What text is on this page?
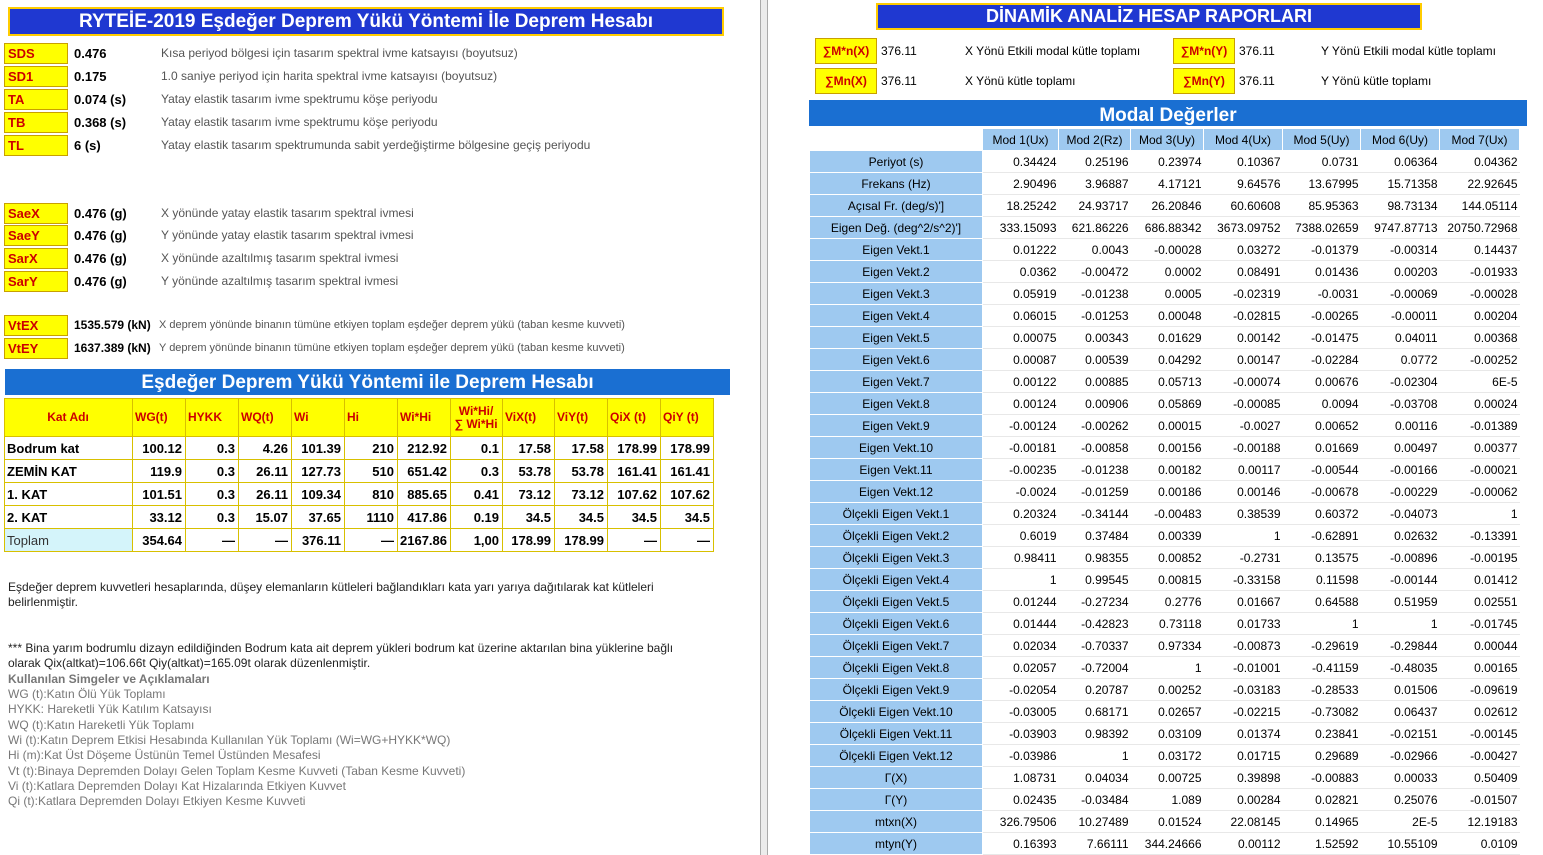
RYTEİE-2019 Eşdeğer Deprem Yükü Yöntemi İle Deprem Hesabı
SDS	0.476	Kısa periyod bölgesi için tasarım spektral ivme katsayısı (boyutsuz)
SD1	0.175	1.0 saniye periyod için harita spektral ivme katsayısı (boyutsuz)
TA	0.074 (s)	Yatay elastik tasarım ivme spektrumu köşe periyodu
TB	0.368 (s)	Yatay elastik tasarım ivme spektrumu köşe periyodu
TL	6 (s)	Yatay elastik tasarım spektrumunda sabit yerdeğiştirme bölgesine geçiş periyodu
SaeX	0.476 (g)	X yönünde yatay elastik tasarım spektral ivmesi
SaeY	0.476 (g)	Y yönünde yatay elastik tasarım spektral ivmesi
SarX	0.476 (g)	X yönünde azaltılmış tasarım spektral ivmesi
SarY	0.476 (g)	Y yönünde azaltılmış tasarım spektral ivmesi
VtEX	1535.579 (kN) X deprem yönünde binanın tümüne etkiyen toplam eşdeğer deprem yükü (taban kesme kuvveti)
VtEY	1637.389 (kN) Y deprem yönünde binanın tümüne etkiyen toplam eşdeğer deprem yükü (taban kesme kuvveti)
Eşdeğer Deprem Yükü Yöntemi ile Deprem Hesabı
Kat Adı	WG(t)	HYKK	WQ(t)	Wi	Hi	Wi*Hi	Wi*Hi/ ∑ Wi*Hi	ViX(t)	ViY(t)	QiX (t)	QiY (t)
Bodrum kat	100.12	0.3	4.26	101.39	210	212.92	0.1	17.58	17.58	178.99	178.99
ZEMİN KAT	119.9	0.3	26.11	127.73	510	651.42	0.3	53.78	53.78	161.41	161.41
1. KAT	101.51	0.3	26.11	109.34	810	885.65	0.41	73.12	73.12	107.62	107.62
2. KAT	33.12	0.3	15.07	37.65	1110	417.86	0.19	34.5	34.5	34.5	34.5
Toplam	354.64	—	—	376.11	—	2167.86	1,00	178.99	178.99	—	—
Eşdeğer deprem kuvvetleri hesaplarında, düşey elemanların kütleleri bağlandıkları kata yarı yarıya dağıtılarak kat kütleleri belirlenmiştir.
*** Bina yarım bodrumlu dizayn edildiğinden Bodrum kata ait deprem yükleri bodrum kat üzerine aktarılan bina yüklerine bağlı olarak Qix(altkat)=106.66t Qiy(altkat)=165.09t olarak düzenlenmiştir.
Kullanılan Simgeler ve Açıklamaları
WG (t):Katın Ölü Yük Toplamı
HYKK: Hareketli Yük Katılım Katsayısı
WQ (t):Katın Hareketli Yük Toplamı
Wi (t):Katın Deprem Etkisi Hesabında Kullanılan Yük Toplamı (Wi=WG+HYKK*WQ)
Hi (m):Kat Üst Döşeme Üstünün Temel Üstünden Mesafesi
Vt (t):Binaya Depremden Dolayı Gelen Toplam Kesme Kuvveti (Taban Kesme Kuvveti)
Vi (t):Katlara Depremden Dolayı Kat Hizalarında Etkiyen Kuvvet
Qi (t):Katlara Depremden Dolayı Etkiyen Kesme Kuvveti
DİNAMİK ANALİZ HESAP RAPORLARI
∑M*n(X) 376.11	X Yönü Etkili modal kütle toplamı	∑M*n(Y) 376.11	Y Yönü Etkili modal kütle toplamı
∑Mn(X)	376.11	X Yönü kütle toplamı	∑Mn(Y)	376.11	Y Yönü kütle toplamı
Modal Değerler
	Mod 1(Ux)	Mod 2(Rz)	Mod 3(Uy)	Mod 4(Ux)	Mod 5(Uy)	Mod 6(Uy)	Mod 7(Ux)
Periyot (s)	0.34424	0.25196	0.23974	0.10367	0.0731	0.06364	0.04362
Frekans (Hz)	2.90496	3.96887	4.17121	9.64576	13.67995	15.71358	22.92645
Açısal Fr. (deg/s)']	18.25242	24.93717	26.20846	60.60608	85.95363	98.73134	144.05114
Eigen Değ. (deg^2/s^2)']	333.15093	621.86226	686.88342	3673.09752	7388.02659	9747.87713	20750.72968
Eigen Vekt.1	0.01222	0.0043	-0.00028	0.03272	-0.01379	-0.00314	0.14437
Eigen Vekt.2	0.0362	-0.00472	0.0002	0.08491	0.01436	0.00203	-0.01933
Eigen Vekt.3	0.05919	-0.01238	0.0005	-0.02319	-0.0031	-0.00069	-0.00028
Eigen Vekt.4	0.06015	-0.01253	0.00048	-0.02815	-0.00265	-0.00011	0.00204
Eigen Vekt.5	0.00075	0.00343	0.01629	0.00142	-0.01475	0.04011	0.00368
Eigen Vekt.6	0.00087	0.00539	0.04292	0.00147	-0.02284	0.0772	-0.00252
Eigen Vekt.7	0.00122	0.00885	0.05713	-0.00074	0.00676	-0.02304	6E-5
Eigen Vekt.8	0.00124	0.00906	0.05869	-0.00085	0.0094	-0.03708	0.00024
Eigen Vekt.9	-0.00124	-0.00262	0.00015	-0.0027	0.00652	0.00116	-0.01389
Eigen Vekt.10	-0.00181	-0.00858	0.00156	-0.00188	0.01669	0.00497	0.00377
Eigen Vekt.11	-0.00235	-0.01238	0.00182	0.00117	-0.00544	-0.00166	-0.00021
Eigen Vekt.12	-0.0024	-0.01259	0.00186	0.00146	-0.00678	-0.00229	-0.00062
Ölçekli Eigen Vekt.1	0.20324	-0.34144	-0.00483	0.38539	0.60372	-0.04073	1
Ölçekli Eigen Vekt.2	0.6019	0.37484	0.00339	1	-0.62891	0.02632	-0.13391
Ölçekli Eigen Vekt.3	0.98411	0.98355	0.00852	-0.2731	0.13575	-0.00896	-0.00195
Ölçekli Eigen Vekt.4	1	0.99545	0.00815	-0.33158	0.11598	-0.00144	0.01412
Ölçekli Eigen Vekt.5	0.01244	-0.27234	0.2776	0.01667	0.64588	0.51959	0.02551
Ölçekli Eigen Vekt.6	0.01444	-0.42823	0.73118	0.01733	1	1	-0.01745
Ölçekli Eigen Vekt.7	0.02034	-0.70337	0.97334	-0.00873	-0.29619	-0.29844	0.00044
Ölçekli Eigen Vekt.8	0.02057	-0.72004	1	-0.01001	-0.41159	-0.48035	0.00165
Ölçekli Eigen Vekt.9	-0.02054	0.20787	0.00252	-0.03183	-0.28533	0.01506	-0.09619
Ölçekli Eigen Vekt.10	-0.03005	0.68171	0.02657	-0.02215	-0.73082	0.06437	0.02612
Ölçekli Eigen Vekt.11	-0.03903	0.98392	0.03109	0.01374	0.23841	-0.02151	-0.00145
Ölçekli Eigen Vekt.12	-0.03986	1	0.03172	0.01715	0.29689	-0.02966	-0.00427
Γ(X)	1.08731	0.04034	0.00725	0.39898	-0.00883	0.00033	0.50409
Γ(Y)	0.02435	-0.03484	1.089	0.00284	0.02821	0.25076	-0.01507
mtxn(X)	326.79506	10.27489	0.01524	22.08145	0.14965	2E-5	12.19183
mtyn(Y)	0.16393	7.66111	344.24666	0.00112	1.52592	10.55109	0.0109
